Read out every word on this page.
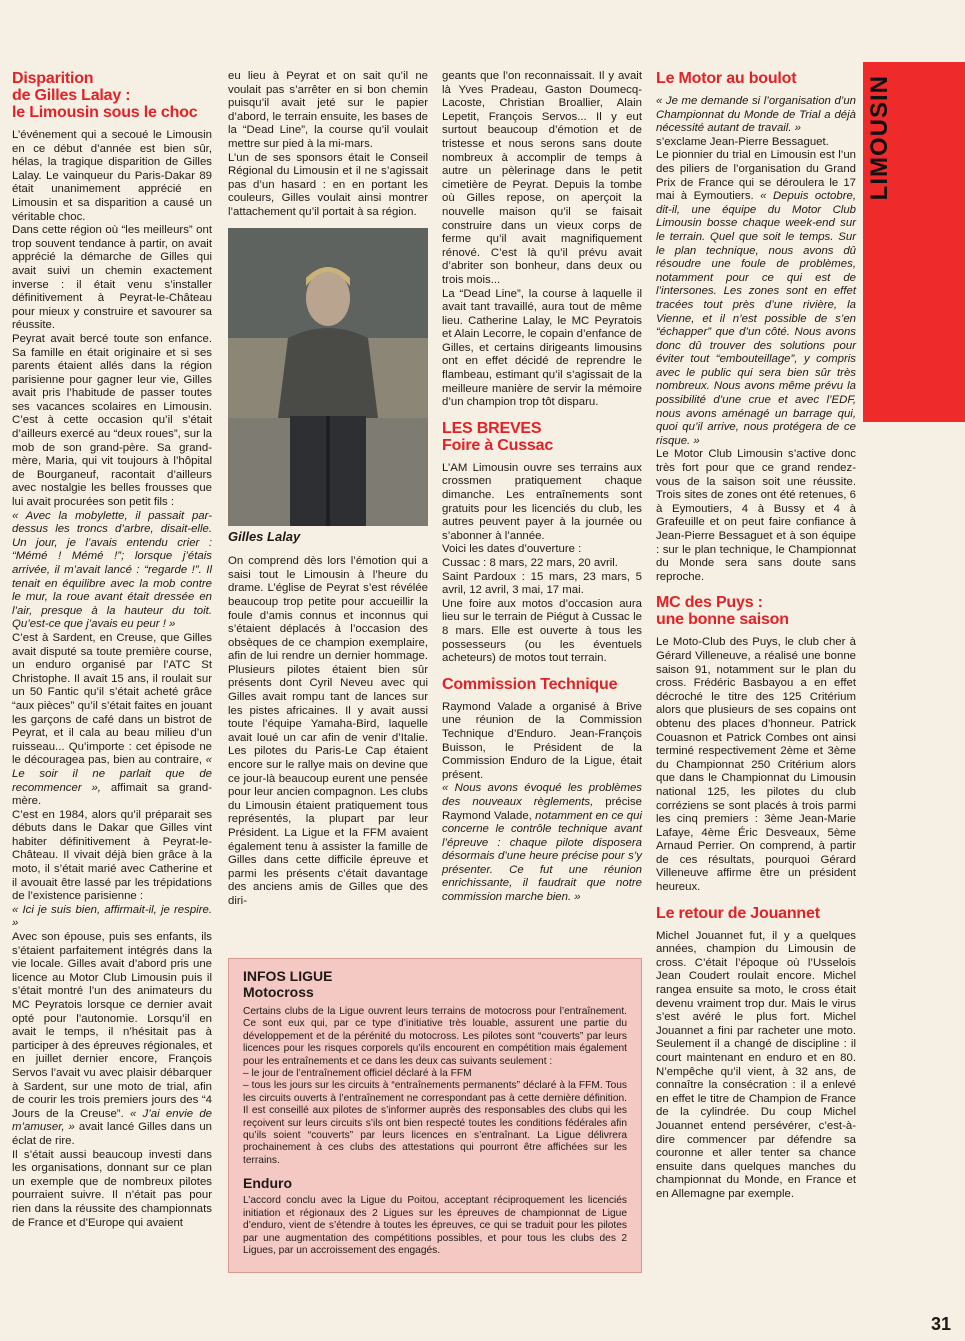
LIMOUSIN
Disparition
de Gilles Lalay :
le Limousin sous le choc

L’événement qui a secoué le Limousin en ce début d’année est bien sûr, hélas, la tragique disparition de Gilles Lalay. Le vainqueur du Paris-Dakar 89 était unanimement apprécié en Limousin et sa disparition a causé un véritable choc.

Dans cette région où “les meilleurs” ont trop souvent tendance à partir, on avait apprécié la démarche de Gilles qui avait suivi un chemin exactement inverse : il était venu s’installer définitivement à Peyrat-le-Château pour mieux y construire et savourer sa réussite.

Peyrat avait bercé toute son enfance. Sa famille en était originaire et si ses parents étaient allés dans la région parisienne pour gagner leur vie, Gilles avait pris l’habitude de passer toutes ses vacances scolaires en Limousin. C’est à cette occasion qu’il s’était d’ailleurs exercé au “deux roues”, sur la mob de son grand-père. Sa grand-mère, Maria, qui vit toujours à l’hôpital de Bourganeuf, racontait d’ailleurs avec nostalgie les belles frousses que lui avait procurées son petit fils :

« Avec la mobylette, il passait par-dessus les troncs d’arbre, disait-elle. Un jour, je l’avais entendu crier : “Mémé ! Mémé !”; lorsque j’étais arrivée, il m’avait lancé : “regarde !”. Il tenait en équilibre avec la mob contre le mur, la roue avant était dressée en l’air, presque à la hauteur du toit. Qu’est-ce que j’avais eu peur ! »

C’est à Sardent, en Creuse, que Gilles avait disputé sa toute première course, un enduro organisé par l’ATC St Christophe. Il avait 15 ans, il roulait sur un 50 Fantic qu’il s’était acheté grâce “aux pièces” qu’il s’était faites en jouant les garçons de café dans un bistrot de Peyrat, et il cala au beau milieu d’un ruisseau... Qu’importe : cet épisode ne le découragea pas, bien au contraire, « Le soir il ne parlait que de recommencer », affimait sa grand-mère.

C’est en 1984, alors qu’il préparait ses débuts dans le Dakar que Gilles vint habiter définitivement à Peyrat-le-Château. Il vivait déjà bien grâce à la moto, il s’était marié avec Catherine et il avouait être lassé par les trépidations de l’existence parisienne :

« Ici je suis bien, affirmait-il, je respire. »

Avec son épouse, puis ses enfants, ils s’étaient parfaitement intégrés dans la vie locale. Gilles avait d’abord pris une licence au Motor Club Limousin puis il s’était montré l’un des animateurs du MC Peyratois lorsque ce dernier avait opté pour l’autonomie. Lorsqu’il en avait le temps, il n’hésitait pas à participer à des épreuves régionales, et en juillet dernier encore, François Servos l’avait vu avec plaisir débarquer à Sardent, sur une moto de trial, afin de courir les trois premiers jours des “4 Jours de la Creuse”. « J’ai envie de m’amuser, » avait lancé Gilles dans un éclat de rire.

Il s’était aussi beaucoup investi dans les organisations, donnant sur ce plan un exemple que de nombreux pilotes pourraient suivre. Il n’était pas pour rien dans la réussite des championnats de France et d’Europe qui avaient

eu lieu à Peyrat et on sait qu’il ne voulait pas s’arrêter en si bon chemin puisqu’il avait jeté sur le papier d’abord, le terrain ensuite, les bases de la “Dead Line”, la course qu’il voulait mettre sur pied à la mi-mars.

L’un de ses sponsors était le Conseil Régional du Limousin et il ne s’agissait pas d’un hasard : en en portant les couleurs, Gilles voulait ainsi montrer l’attachement qu’il portait à sa région.

Gilles Lalay

On comprend dès lors l’émotion qui a saisi tout le Limousin à l’heure du drame. L’église de Peyrat s’est révélée beaucoup trop petite pour accueillir la foule d’amis connus et inconnus qui s’étaient déplacés à l’occasion des obsèques de ce champion exemplaire, afin de lui rendre un dernier hommage. Plusieurs pilotes étaient bien sûr présents dont Cyril Neveu avec qui Gilles avait rompu tant de lances sur les pistes africaines. Il y avait aussi toute l’équipe Yamaha-Bird, laquelle avait loué un car afin de venir d’Italie. Les pilotes du Paris-Le Cap étaient encore sur le rallye mais on devine que ce jour-là beaucoup eurent une pensée pour leur ancien compagnon. Les clubs du Limousin étaient pratiquement tous représentés, la plupart par leur Président. La Ligue et la FFM avaient également tenu à assister la famille de Gilles dans cette difficile épreuve et parmi les présents c’était davantage des anciens amis de Gilles que des diri-

geants que l’on reconnaissait. Il y avait là Yves Pradeau, Gaston Doumecq-Lacoste, Christian Broallier, Alain Lepetit, François Servos... Il y eut surtout beaucoup d’émotion et de tristesse et nous serons sans doute nombreux à accomplir de temps à autre un pèlerinage dans le petit cimetière de Peyrat. Depuis la tombe où Gilles repose, on aperçoit la nouvelle maison qu’il se faisait construire dans un vieux corps de ferme qu’il avait magnifiquement rénové. C’est là qu’il prévu avait d’abriter son bonheur, dans deux ou trois mois...

La “Dead Line”, la course à laquelle il avait tant travaillé, aura tout de même lieu. Catherine Lalay, le MC Peyratois et Alain Lecorre, le copain d’enfance de Gilles, et certains dirigeants limousins ont en effet décidé de reprendre le flambeau, estimant qu’il s’agissait de la meilleure manière de servir la mémoire d’un champion trop tôt disparu.

LES BREVES
Foire à Cussac

L’AM Limousin ouvre ses terrains aux crossmen pratiquement chaque dimanche. Les entraînements sont gratuits pour les licenciés du club, les autres peuvent payer à la journée ou s’abonner à l’année.

Voici les dates d’ouverture :

Cussac : 8 mars, 22 mars, 20 avril.

Saint Pardoux : 15 mars, 23 mars, 5 avril, 12 avril, 3 mai, 17 mai.

Une foire aux motos d’occasion aura lieu sur le terrain de Piégut à Cussac le 8 mars. Elle est ouverte à tous les possesseurs (ou les éventuels acheteurs) de motos tout terrain.

Commission Technique

Raymond Valade a organisé à Brive une réunion de la Commission Technique d’Enduro. Jean-François Buisson, le Président de la Commission Enduro de la Ligue, était présent.

« Nous avons évoqué les problèmes des nouveaux règlements, précise Raymond Valade, notamment en ce qui concerne le contrôle technique avant l’épreuve : chaque pilote disposera désormais d’une heure précise pour s’y présenter. Ce fut une réunion enrichissante, il faudrait que notre commission marche bien. »

Le Motor au boulot

« Je me demande si l’organisation d’un Championnat du Monde de Trial a déjà nécessité autant de travail. »

s’exclame Jean-Pierre Bessaguet.

Le pionnier du trial en Limousin est l’un des piliers de l’organisation du Grand Prix de France qui se déroulera le 17 mai à Eymoutiers. « Depuis octobre, dit-il, une équipe du Motor Club Limousin bosse chaque week-end sur le terrain. Quel que soit le temps. Sur le plan technique, nous avons dû résoudre une foule de problèmes, notamment pour ce qui est de l’intersones. Les zones sont en effet tracées tout près d’une rivière, la Vienne, et il n’est possible de s’en “échapper” que d’un côté. Nous avons donc dû trouver des solutions pour éviter tout “embouteillage”, y compris avec le public qui sera bien sûr très nombreux. Nous avons même prévu la possibilité d’une crue et avec l’EDF, nous avons aménagé un barrage qui, quoi qu’il arrive, nous protégera de ce risque. »

Le Motor Club Limousin s’active donc très fort pour que ce grand rendez-vous de la saison soit une réussite. Trois sites de zones ont été retenues, 6 à Eymoutiers, 4 à Bussy et 4 à Grafeuille et on peut faire confiance à Jean-Pierre Bessaguet et à son équipe : sur le plan technique, le Championnat du Monde sera sans doute sans reproche.

MC des Puys :
une bonne saison

Le Moto-Club des Puys, le club cher à Gérard Villeneuve, a réalisé une bonne saison 91, notamment sur le plan du cross. Frédéric Basbayou a en effet décroché le titre des 125 Critérium alors que plusieurs de ses copains ont obtenu des places d’honneur. Patrick Couasnon et Patrick Combes ont ainsi terminé respectivement 2ème et 3ème du Championnat 250 Critérium alors que dans le Championnat du Limousin national 125, les pilotes du club corréziens se sont placés à trois parmi les cinq premiers : 3ème Jean-Marie Lafaye, 4ème Éric Desveaux, 5ème Arnaud Perrier. On comprend, à partir de ces résultats, pourquoi Gérard Villeneuve affirme être un président heureux.

Le retour de Jouannet

Michel Jouannet fut, il y a quelques années, champion du Limousin de cross. C’était l’époque où l’Usselois Jean Coudert roulait encore. Michel rangea ensuite sa moto, le cross était devenu vraiment trop dur. Mais le virus s’est avéré le plus fort. Michel Jouannet a fini par racheter une moto. Seulement il a changé de discipline : il court maintenant en enduro et en 80. N’empêche qu’il vient, à 32 ans, de connaître la consécration : il a enlevé en effet le titre de Champion de France de la cylindrée. Du coup Michel Jouannet entend persévérer, c’est-à-dire commencer par défendre sa couronne et aller tenter sa chance ensuite dans quelques manches du championnat du Monde, en France et en Allemagne par exemple.

INFOS LIGUE
Motocross

Certains clubs de la Ligue ouvrent leurs terrains de motocross pour l’entraînement. Ce sont eux qui, par ce type d’initiative très louable, assurent une partie du développement et de la pérénité du motocross. Les pilotes sont “couverts” par leurs licences pour les risques corporels qu’ils encourent en compétition mais également pour les entraînements et ce dans les deux cas suivants seulement :

– le jour de l’entraînement officiel déclaré à la FFM

– tous les jours sur les circuits à “entraînements permanents” déclaré à la FFM. Tous les circuits ouverts à l’entraînement ne correspondant pas à cette dernière définition. Il est conseillé aux pilotes de s’informer auprès des responsables des clubs qui les reçoivent sur leurs circuits s’ils ont bien respecté toutes les conditions fédérales afin qu’ils soient “couverts” par leurs licences en s’entraînant. La Ligue délivrera prochainement à ces clubs des attestations qui pourront être affichées sur les terrains.

Enduro

L’accord conclu avec la Ligue du Poitou, acceptant réciproquement les licenciés initiation et régionaux des 2 Ligues sur les épreuves de championnat de Ligue d’enduro, vient de s’étendre à toutes les épreuves, ce qui se traduit pour les pilotes par une augmentation des compétitions possibles, et pour tous les clubs des 2 Ligues, par un accroissement des engagés.

31
